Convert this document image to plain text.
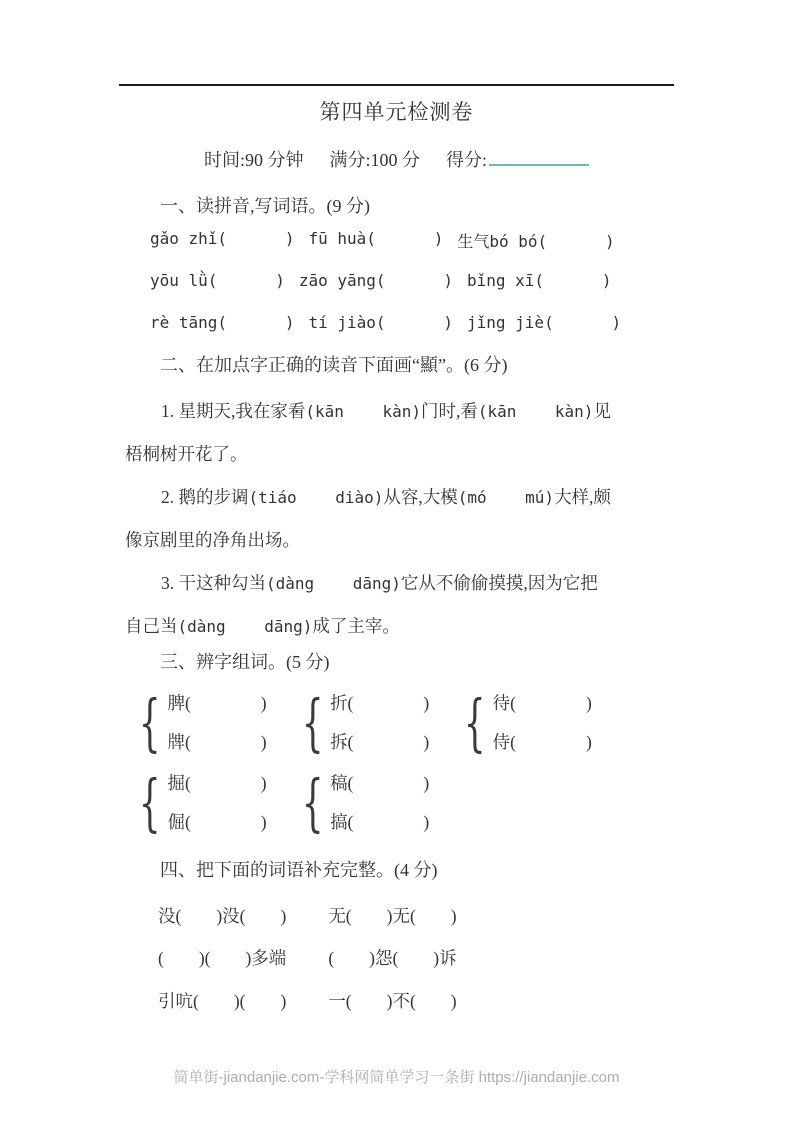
第四单元检测卷
时间:90 分钟 满分:100 分 得分:
一、读拼音,写词语。(9 分)
gǎo zhǐ(      ) fū huà(      ) 生气bó bó(      )
yōu lǜ(      ) zāo yāng(      ) bǐng xī(      )
rè tāng(      ) tí jiào(      ) jǐng jiè(      )
二、在加点字正确的读音下面画“顯”。(6 分)
1. 星期天,我在家看 •(kān    kàn)门时,看 •(kān    kàn)见
梧桐树开花了。
2. 鹅的步调 •(tiáo    diào)从容,大模 •(mó    mú)大样,颇
像京剧里的净角出场。
3. 干这种勾当 •(dàng    dāng)它从不偷偷摸摸,因为它把
自己当 •(dàng    dāng)成了主宰。
三、辨字组词。(5 分)
{ 脾(                )
牌(                ) { 折(                )
拆(                ) { 待(                )
侍(                )
{ 掘(                )
倔(                ) { 稿(                )
搞(                )
四、把下面的词语补充完整。(4 分)
没(        )没(        ) 无(        )无(        )
(        )(        )多端 (        )怨(        )诉
引吭(        )(        ) 一(        )不(        )
简单街-jiandanjie.com-学科网简单学习一条街 https://jiandanjie.com
